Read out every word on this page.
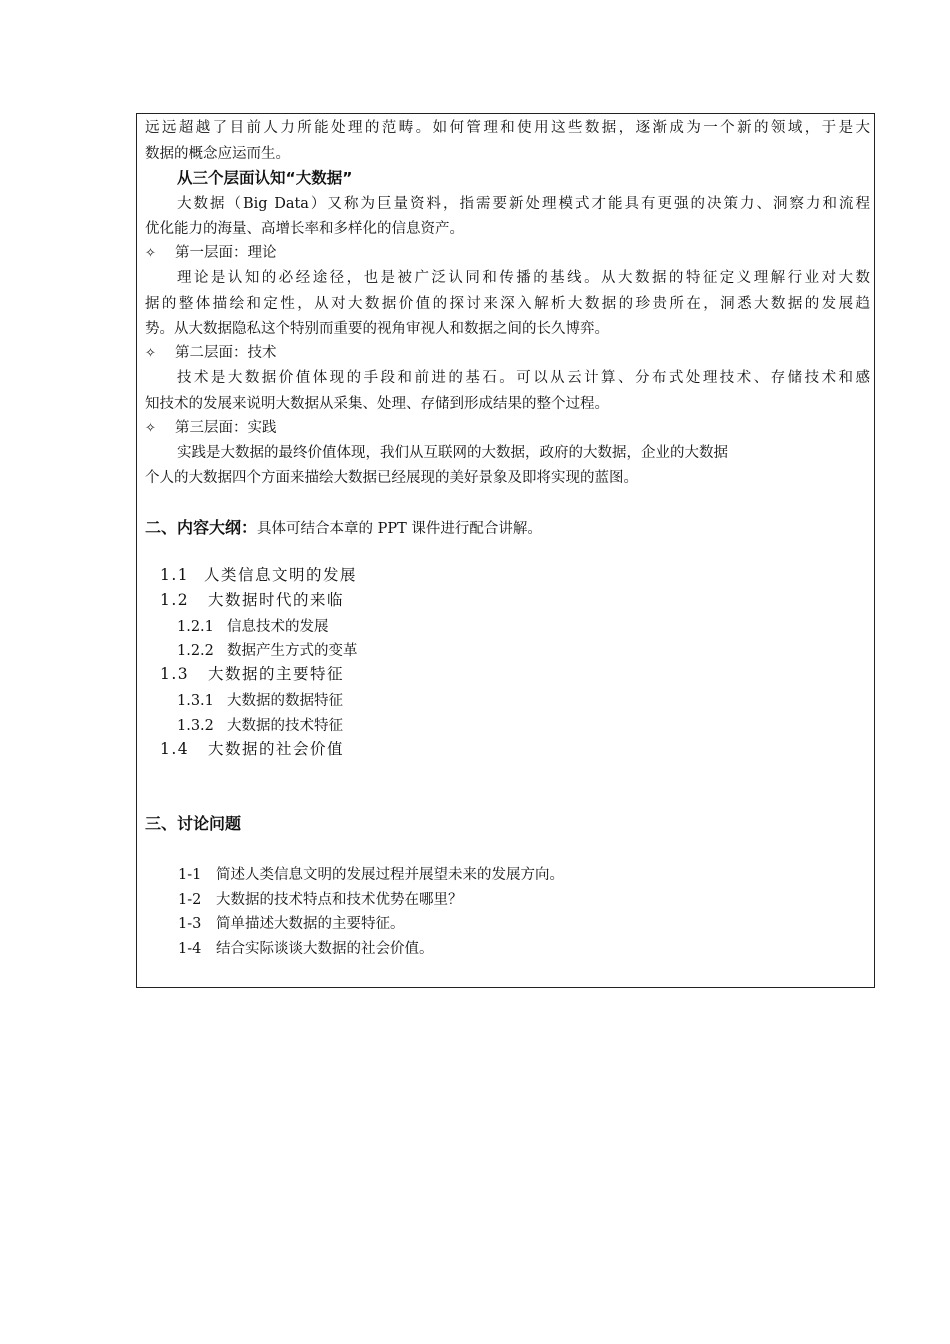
远远超越了目前人力所能处理的范畴。如何管理和使用这些数据，逐渐成为一个新的领域，于是大
数据的概念应运而生。
从三个层面认知“大数据”
大数据（Big Data）又称为巨量资料，指需要新处理模式才能具有更强的决策力、洞察力和流程
优化能力的海量、高增长率和多样化的信息资产。
✧ 第一层面：理论
理论是认知的必经途径，也是被广泛认同和传播的基线。从大数据的特征定义理解行业对大数
据的整体描绘和定性，从对大数据价值的探讨来深入解析大数据的珍贵所在，洞悉大数据的发展趋
势。从大数据隐私这个特别而重要的视角审视人和数据之间的长久博弈。
✧ 第二层面：技术
技术是大数据价值体现的手段和前进的基石。可以从云计算、分布式处理技术、存储技术和感
知技术的发展来说明大数据从采集、处理、存储到形成结果的整个过程。
✧ 第三层面：实践
实践是大数据的最终价值体现，我们从互联网的大数据，政府的大数据，企业的大数据
个人的大数据四个方面来描绘大数据已经展现的美好景象及即将实现的蓝图。
二、内容大纲：具体可结合本章的 PPT 课件进行配合讲解。
1.1 人类信息文明的发展
1.2 大数据时代的来临
1.2.1 信息技术的发展
1.2.2 数据产生方式的变革
1.3 大数据的主要特征
1.3.1 大数据的数据特征
1.3.2 大数据的技术特征
1.4 大数据的社会价值
三、讨论问题
1-1 简述人类信息文明的发展过程并展望未来的发展方向。
1-2 大数据的技术特点和技术优势在哪里？
1-3 简单描述大数据的主要特征。
1-4 结合实际谈谈大数据的社会价值。
